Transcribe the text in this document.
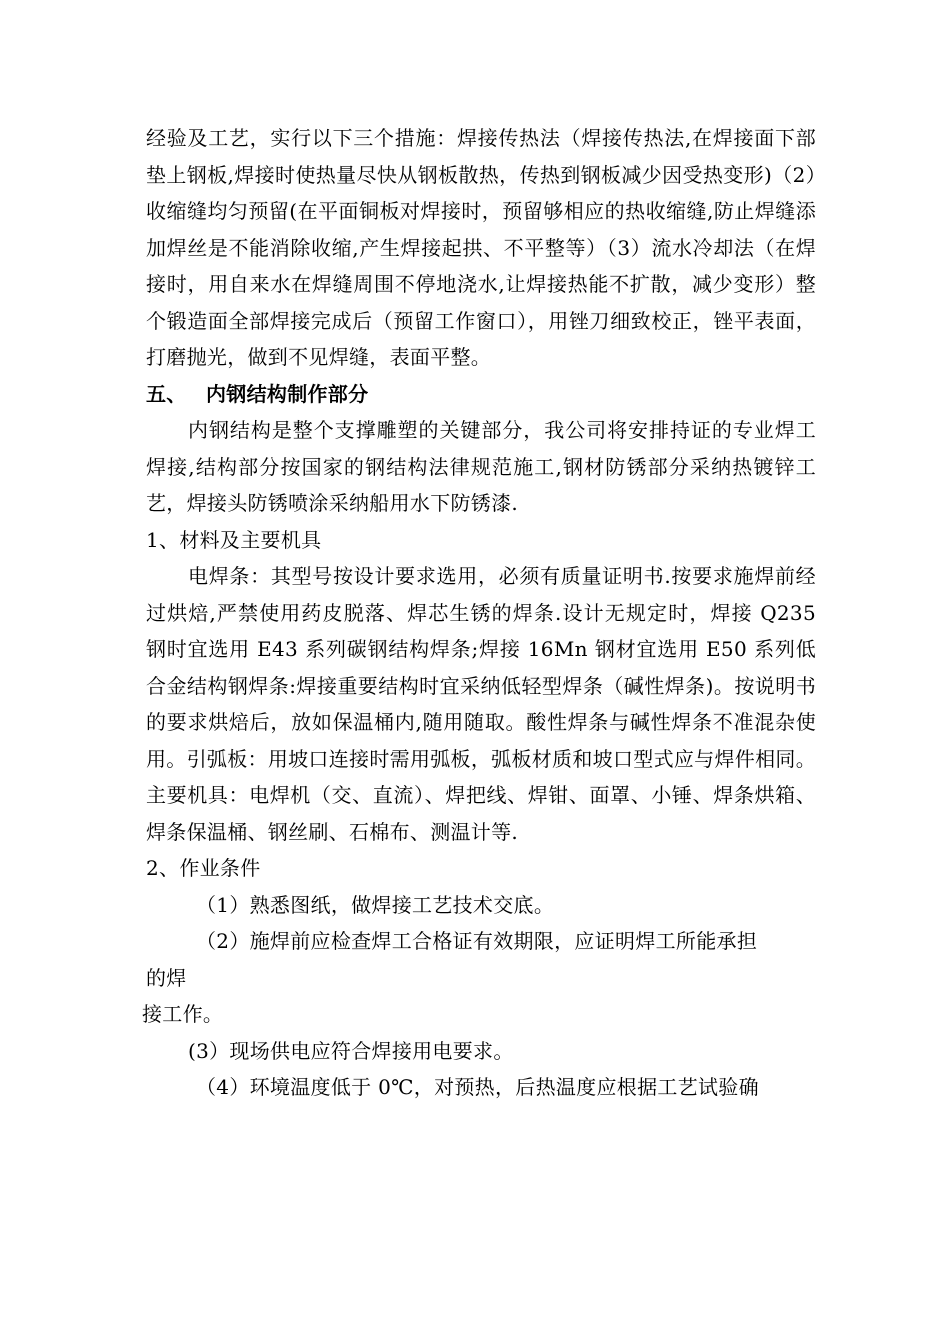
经验及工艺，实行以下三个措施：焊接传热法（焊接传热法,在焊接面下部垫上钢板,焊接时使热量尽快从钢板散热，传热到钢板减少因受热变形)（2）收缩缝均匀预留(在平面铜板对焊接时，预留够相应的热收缩缝,防止焊缝添加焊丝是不能消除收缩,产生焊接起拱、不平整等）（3）流水冷却法（在焊接时，用自来水在焊缝周围不停地浇水,让焊接热能不扩散，减少变形）整个锻造面全部焊接完成后（预留工作窗口），用锉刀细致校正，锉平表面，打磨抛光，做到不见焊缝，表面平整。

五、 内钢结构制作部分

内钢结构是整个支撑雕塑的关键部分，我公司将安排持证的专业焊工焊接,结构部分按国家的钢结构法律规范施工,钢材防锈部分采纳热镀锌工艺，焊接头防锈喷涂采纳船用水下防锈漆.

1、材料及主要机具

电焊条：其型号按设计要求选用，必须有质量证明书.按要求施焊前经过烘焙,严禁使用药皮脱落、焊芯生锈的焊条.设计无规定时，焊接 Q235 钢时宜选用 E43 系列碳钢结构焊条;焊接 16Mn 钢材宜选用 E50 系列低合金结构钢焊条:焊接重要结构时宜采纳低轻型焊条（碱性焊条)。按说明书的要求烘焙后，放如保温桶内,随用随取。酸性焊条与碱性焊条不准混杂使用。引弧板：用坡口连接时需用弧板，弧板材质和坡口型式应与焊件相同。主要机具：电焊机（交、直流）、焊把线、焊钳、面罩、小锤、焊条烘箱、焊条保温桶、钢丝刷、石棉布、测温计等.

2、作业条件

（1）熟悉图纸，做焊接工艺技术交底。

（2）施焊前应检查焊工合格证有效期限，应证明焊工所能承担

的焊

接工作。

(3）现场供电应符合焊接用电要求。

（4）环境温度低于 0℃，对预热，后热温度应根据工艺试验确
